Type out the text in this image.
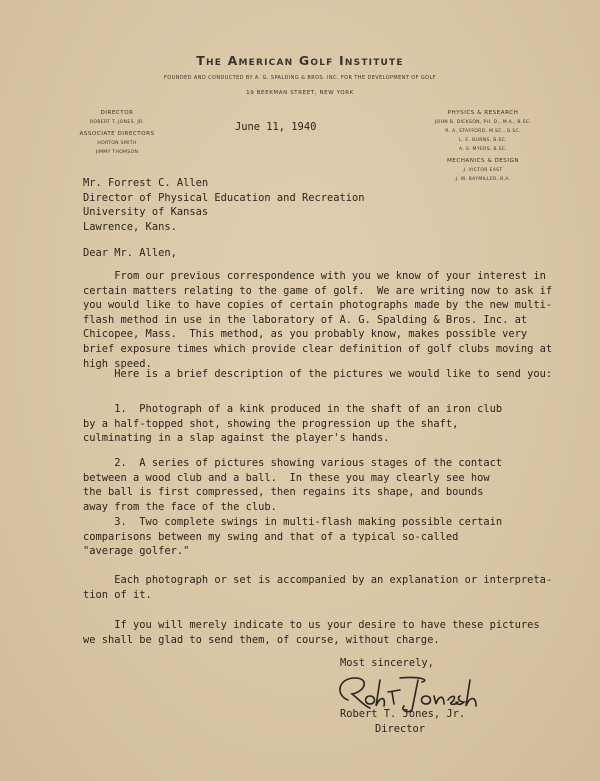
The American Golf Institute
FOUNDED AND CONDUCTED BY A. G. SPALDING & BROS. INC. FOR THE DEVELOPMENT OF GOLF
19 BEEKMAN STREET, NEW YORK
DIRECTOR
ROBERT T. JONES, JR.
ASSOCIATE DIRECTORS
HORTON SMITH
JIMMY THOMSON
PHYSICS & RESEARCH
JOHN B. DICKSON, PH. D., M.A., B.SC.
R. A. STAFFORD, M.SC., B.SC.
L. E. BURNS, B.SC.
A. S. MYERS, B.SC.
MECHANICS & DESIGN
J. VICTOR EAST
J. W. BAYMILLER, B.A.
June 11, 1940
Mr. Forrest C. Allen
Director of Physical Education and Recreation
University of Kansas
Lawrence, Kans.
Dear Mr. Allen,
From our previous correspondence with you we know of your interest in
certain matters relating to the game of golf.  We are writing now to ask if
you would like to have copies of certain photographs made by the new multi-
flash method in use in the laboratory of A. G. Spalding & Bros. Inc. at
Chicopee, Mass.  This method, as you probably know, makes possible very
brief exposure times which provide clear definition of golf clubs moving at
high speed.
Here is a brief description of the pictures we would like to send you:
1.  Photograph of a kink produced in the shaft of an iron club
by a half-topped shot, showing the progression up the shaft,
culminating in a slap against the player's hands.
2.  A series of pictures showing various stages of the contact
between a wood club and a ball.  In these you may clearly see how
the ball is first compressed, then regains its shape, and bounds
away from the face of the club.
3.  Two complete swings in multi-flash making possible certain
comparisons between my swing and that of a typical so-called
"average golfer."
Each photograph or set is accompanied by an explanation or interpreta-
tion of it.
If you will merely indicate to us your desire to have these pictures
we shall be glad to send them, of course, without charge.
Most sincerely,
Robert T. Jones, Jr.
Director
